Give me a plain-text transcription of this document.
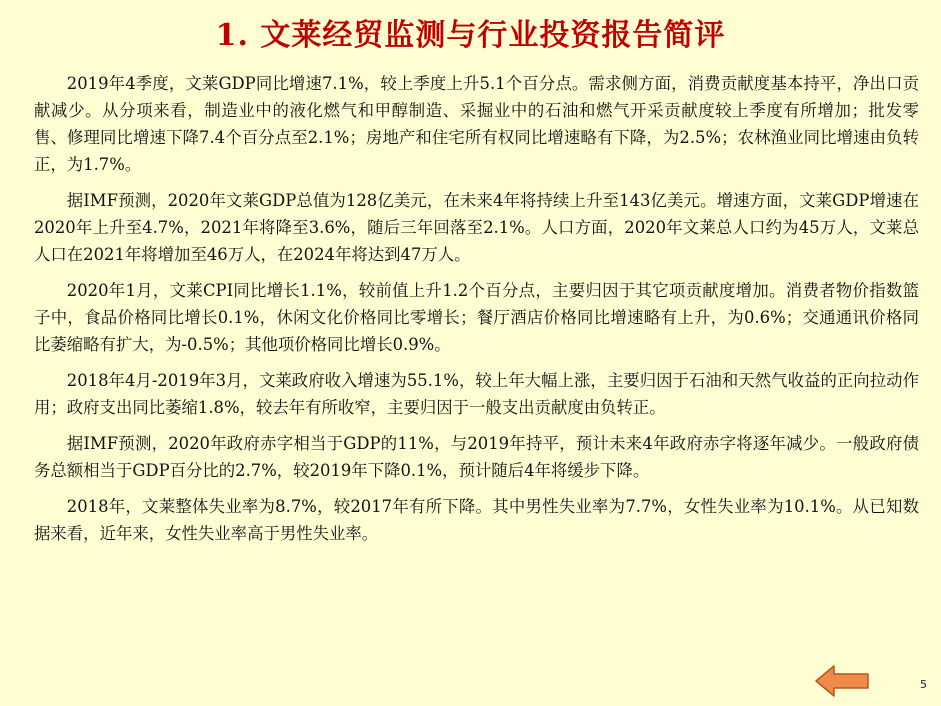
1. 文莱经贸监测与行业投资报告简评

2019年4季度，文莱GDP同比增速7.1%，较上季度上升5.1个百分点。需求侧方面，消费贡献度基本持平，净出口贡献减少。从分项来看，制造业中的液化燃气和甲醇制造、采掘业中的石油和燃气开采贡献度较上季度有所增加；批发零售、修理同比增速下降7.4个百分点至2.1%；房地产和住宅所有权同比增速略有下降，为2.5%；农林渔业同比增速由负转正，为1.7%。

据IMF预测，2020年文莱GDP总值为128亿美元，在未来4年将持续上升至143亿美元。增速方面，文莱GDP增速在2020年上升至4.7%，2021年将降至3.6%，随后三年回落至2.1%。人口方面，2020年文莱总人口约为45万人，文莱总人口在2021年将增加至46万人，在2024年将达到47万人。

2020年1月，文莱CPI同比增长1.1%，较前值上升1.2个百分点，主要归因于其它项贡献度增加。消费者物价指数篮子中，食品价格同比增长0.1%，休闲文化价格同比零增长；餐厅酒店价格同比增速略有上升，为0.6%；交通通讯价格同比萎缩略有扩大，为-0.5%；其他项价格同比增长0.9%。

2018年4月-2019年3月，文莱政府收入增速为55.1%，较上年大幅上涨，主要归因于石油和天然气收益的正向拉动作用；政府支出同比萎缩1.8%，较去年有所收窄，主要归因于一般支出贡献度由负转正。

据IMF预测，2020年政府赤字相当于GDP的11%，与2019年持平，预计未来4年政府赤字将逐年减少。一般政府债务总额相当于GDP百分比的2.7%，较2019年下降0.1%，预计随后4年将缓步下降。

2018年，文莱整体失业率为8.7%，较2017年有所下降。其中男性失业率为7.7%，女性失业率为10.1%。从已知数据来看，近年来，女性失业率高于男性失业率。

5
